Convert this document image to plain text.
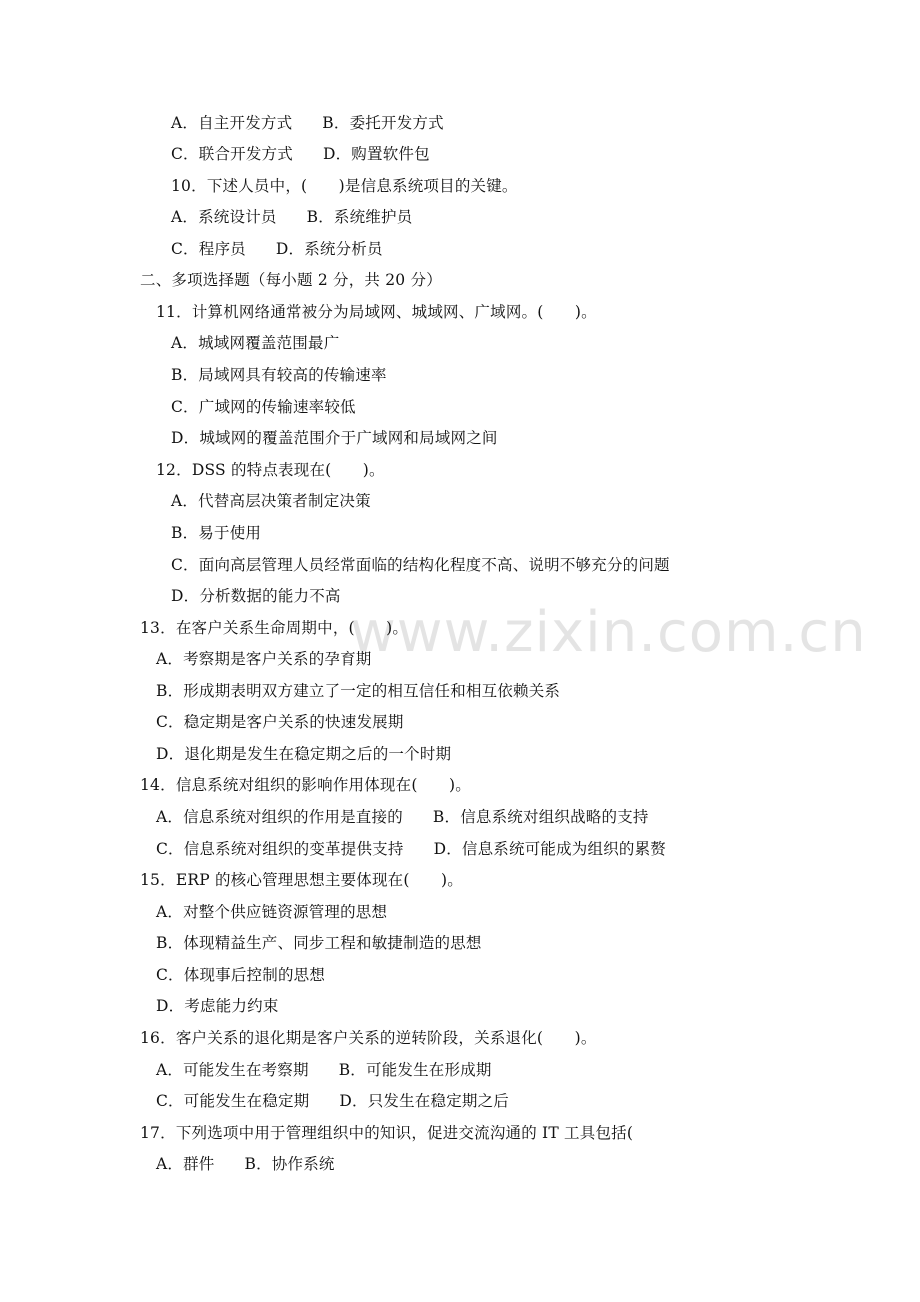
www.zixin.com.cn
A．自主开发方式 B．委托开发方式
C．联合开发方式 D．购置软件包
10．下述人员中，(　　)是信息系统项目的关键。
A．系统设计员 B．系统维护员
C．程序员 D．系统分析员
二、多项选择题（每小题 2 分，共 20 分）
11．计算机网络通常被分为局域网、城域网、广域网。(　　)。
A．城域网覆盖范围最广
B．局域网具有较高的传输速率
C．广域网的传输速率较低
D．城域网的覆盖范围介于广域网和局域网之间
12．DSS 的特点表现在(　　)。
A．代替高层决策者制定决策
B．易于使用
C．面向高层管理人员经常面临的结构化程度不高、说明不够充分的问题
D．分析数据的能力不高
13．在客户关系生命周期中，(　　)。
A．考察期是客户关系的孕育期
B．形成期表明双方建立了一定的相互信任和相互依赖关系
C．稳定期是客户关系的快速发展期
D．退化期是发生在稳定期之后的一个时期
14．信息系统对组织的影响作用体现在(　　)。
A．信息系统对组织的作用是直接的 B．信息系统对组织战略的支持
C．信息系统对组织的变革提供支持 D．信息系统可能成为组织的累赘
15．ERP 的核心管理思想主要体现在(　　)。
A．对整个供应链资源管理的思想
B．体现精益生产、同步工程和敏捷制造的思想
C．体现事后控制的思想
D．考虑能力约束
16．客户关系的退化期是客户关系的逆转阶段，关系退化(　　)。
A．可能发生在考察期 B．可能发生在形成期
C．可能发生在稳定期 D．只发生在稳定期之后
17．下列选项中用于管理组织中的知识，促进交流沟通的 IT 工具包括(
A．群件 B．协作系统
